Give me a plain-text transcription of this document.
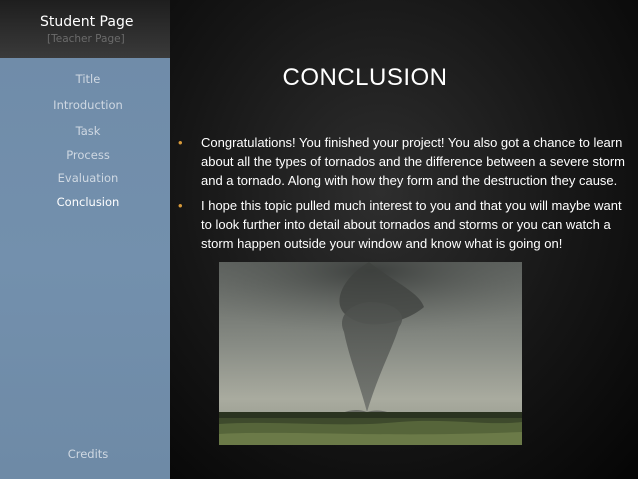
Student Page
[Teacher Page]
Title
Introduction
Task
Process
Evaluation
Conclusion
Credits
CONCLUSION
• Congratulations! You finished your project! You also got a chance to learn about all the types of tornados and the difference between a severe storm and a tornado. Along with how they form and the destruction they cause.
• I hope this topic pulled much interest to you and that you will maybe want to look further into detail about tornados and storms or you can watch a storm happen outside your window and know what is going on!
